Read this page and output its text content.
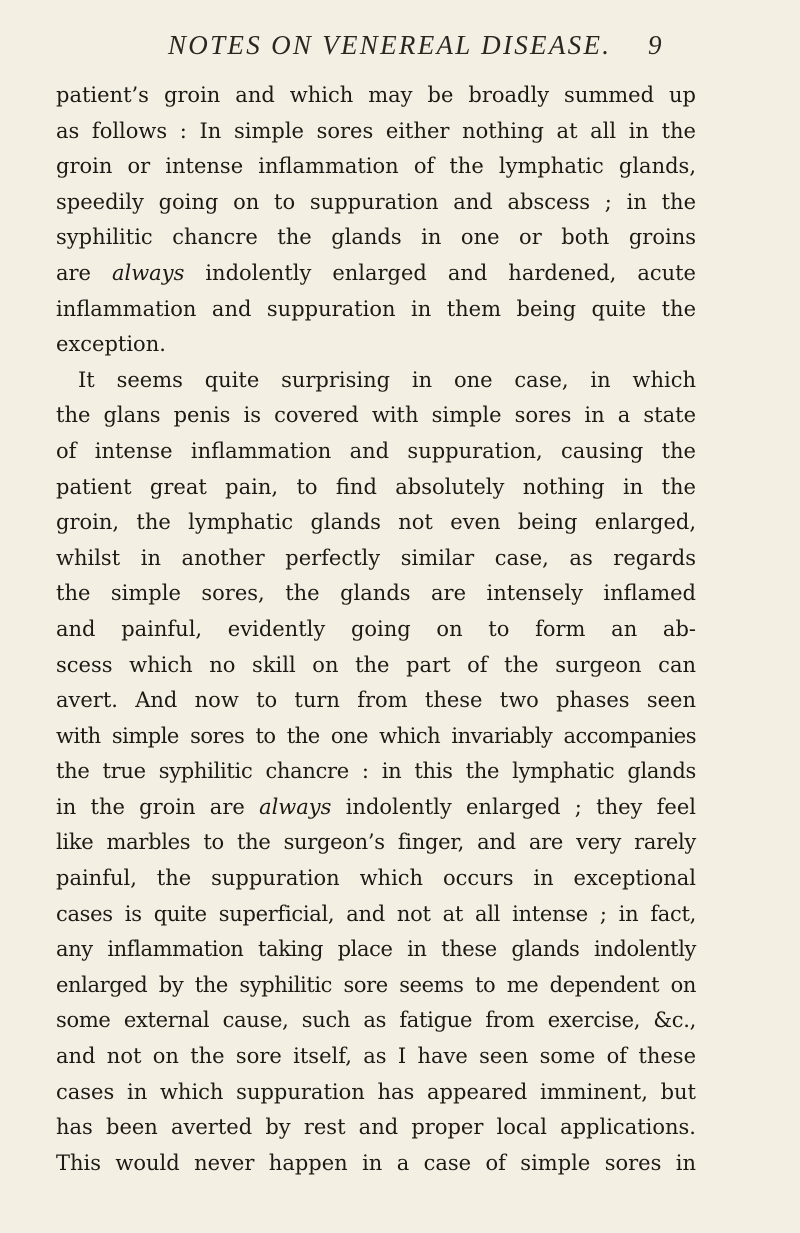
NOTES ON VENEREAL DISEASE. 9
patient’s groin and which may be broadly summed up
as follows : In simple sores either nothing at all in the
groin or intense inflammation of the lymphatic glands,
speedily going on to suppuration and abscess ; in the
syphilitic chancre the glands in one or both groins
are always indolently enlarged and hardened, acute
inflammation and suppuration in them being quite the
exception.
It seems quite surprising in one case, in which
the glans penis is covered with simple sores in a state
of intense inflammation and suppuration, causing the
patient great pain, to find absolutely nothing in the
groin, the lymphatic glands not even being enlarged,
whilst in another perfectly similar case, as regards
the simple sores, the glands are intensely inflamed
and painful, evidently going on to form an ab-
scess which no skill on the part of the surgeon can
avert. And now to turn from these two phases seen
with simple sores to the one which invariably accompanies
the true syphilitic chancre : in this the lymphatic glands
in the groin are always indolently enlarged ; they feel
like marbles to the surgeon’s finger, and are very rarely
painful, the suppuration which occurs in exceptional
cases is quite superficial, and not at all intense ; in fact,
any inflammation taking place in these glands indolently
enlarged by the syphilitic sore seems to me dependent on
some external cause, such as fatigue from exercise, &c.,
and not on the sore itself, as I have seen some of these
cases in which suppuration has appeared imminent, but
has been averted by rest and proper local applications.
This would never happen in a case of simple sores in
